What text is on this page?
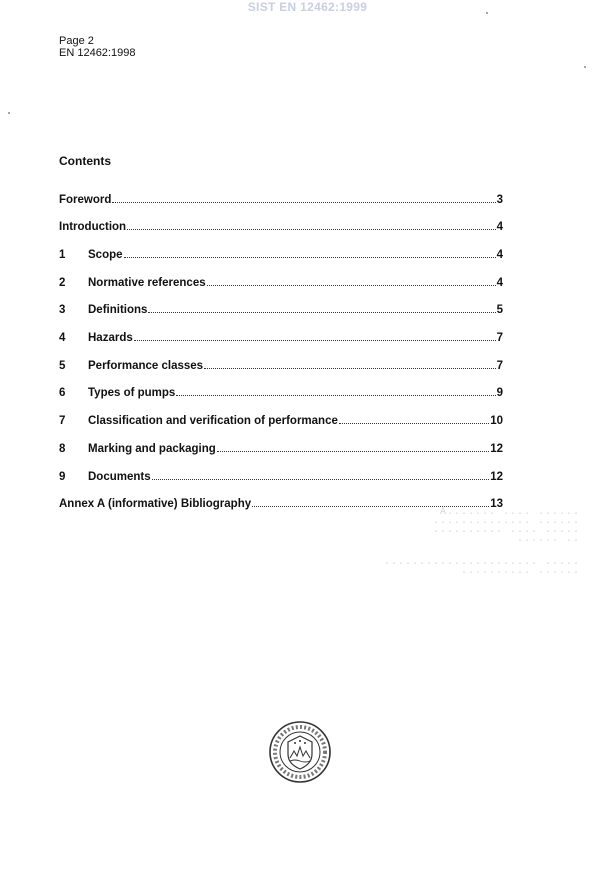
SIST EN 12462:1999
Page 2
EN 12462:1998
Contents
Foreword	3
Introduction	4
1	Scope	4
2	Normative references	4
3	Definitions	5
4	Hazards	7
5	Performance classes	7
6	Types of pumps	9
7	Classification and verification of performance	10
8	Marking and packaging	12
9	Documents	12
Annex A (informative) Bibliography	13
A....... .... ......
.............. ......
.......... .... .....
...... ..
...................... .....
.......... ......
